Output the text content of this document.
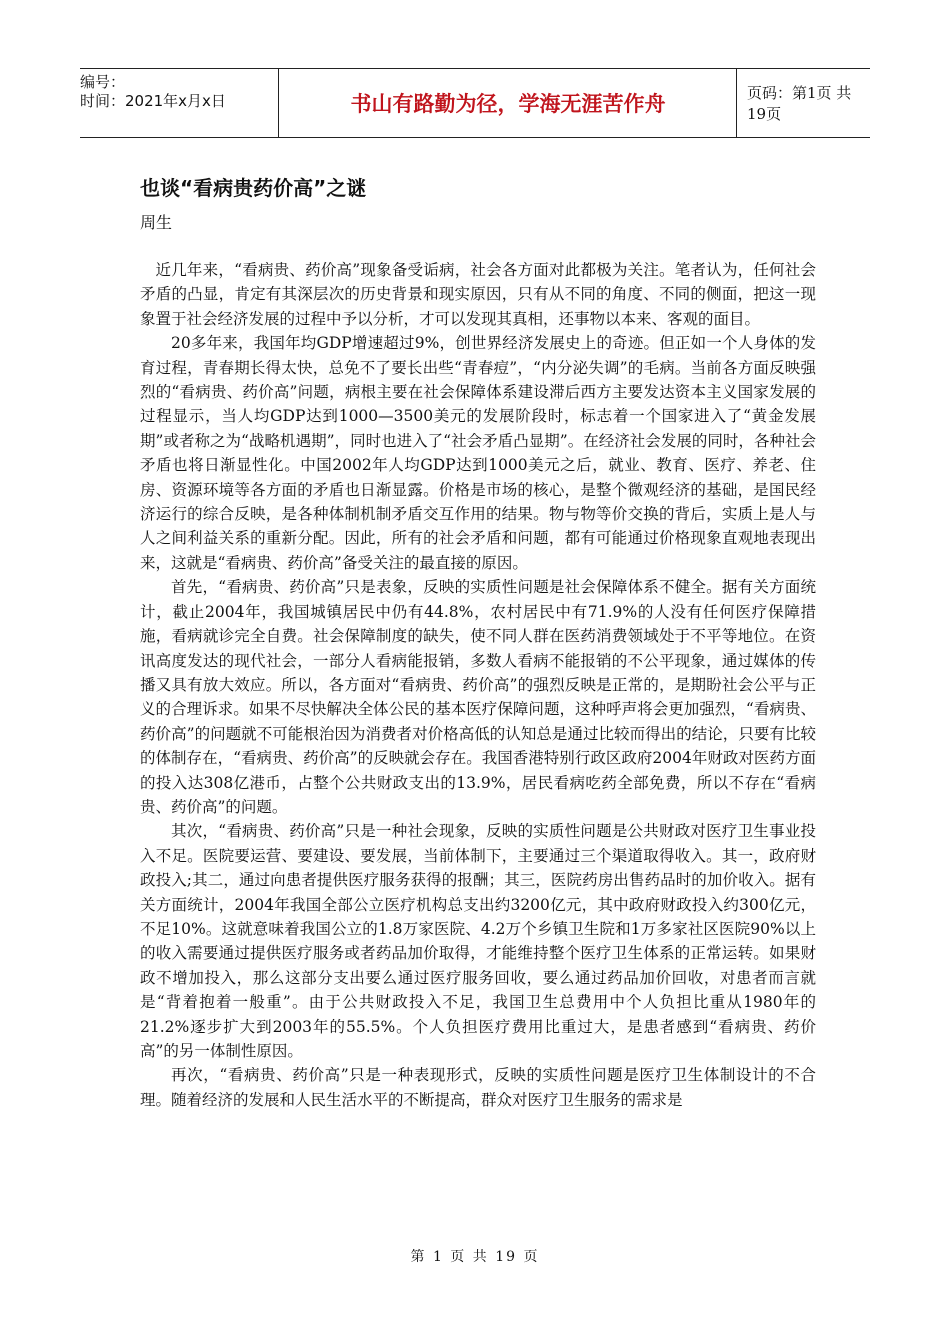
编号：
时间：2021年x月x日	书山有路勤为径，学海无涯苦作舟	页码：第1页 共19页
也谈“看病贵药价高”之谜
周生

近几年来，“看病贵、药价高”现象备受诟病，社会各方面对此都极为关注。笔者认为，任何社会矛盾的凸显，肯定有其深层次的历史背景和现实原因，只有从不同的角度、不同的侧面，把这一现象置于社会经济发展的过程中予以分析，才可以发现其真相，还事物以本来、客观的面目。

20多年来，我国年均GDP增速超过9%，创世界经济发展史上的奇迹。但正如一个人身体的发育过程，青春期长得太快，总免不了要长出些“青春痘”，“内分泌失调”的毛病。当前各方面反映强烈的“看病贵、药价高”问题，病根主要在社会保障体系建设滞后西方主要发达资本主义国家发展的过程显示，当人均GDP达到1000—3500美元的发展阶段时，标志着一个国家进入了“黄金发展期”或者称之为“战略机遇期”，同时也进入了“社会矛盾凸显期”。在经济社会发展的同时，各种社会矛盾也将日渐显性化。中国2002年人均GDP达到1000美元之后，就业、教育、医疗、养老、住房、资源环境等各方面的矛盾也日渐显露。价格是市场的核心，是整个微观经济的基础，是国民经济运行的综合反映，是各种体制机制矛盾交互作用的结果。物与物等价交换的背后，实质上是人与人之间利益关系的重新分配。因此，所有的社会矛盾和问题，都有可能通过价格现象直观地表现出来，这就是“看病贵、药价高”备受关注的最直接的原因。

首先，“看病贵、药价高”只是表象，反映的实质性问题是社会保障体系不健全。据有关方面统计，截止2004年，我国城镇居民中仍有44.8%，农村居民中有71.9%的人没有任何医疗保障措施，看病就诊完全自费。社会保障制度的缺失，使不同人群在医药消费领域处于不平等地位。在资讯高度发达的现代社会，一部分人看病能报销，多数人看病不能报销的不公平现象，通过媒体的传播又具有放大效应。所以，各方面对“看病贵、药价高”的强烈反映是正常的，是期盼社会公平与正义的合理诉求。如果不尽快解决全体公民的基本医疗保障问题，这种呼声将会更加强烈，“看病贵、药价高”的问题就不可能根治因为消费者对价格高低的认知总是通过比较而得出的结论，只要有比较的体制存在，“看病贵、药价高”的反映就会存在。我国香港特别行政区政府2004年财政对医药方面的投入达308亿港币，占整个公共财政支出的13.9%，居民看病吃药全部免费，所以不存在“看病贵、药价高”的问题。

其次，“看病贵、药价高”只是一种社会现象，反映的实质性问题是公共财政对医疗卫生事业投入不足。医院要运营、要建设、要发展，当前体制下，主要通过三个渠道取得收入。其一，政府财政投入;其二，通过向患者提供医疗服务获得的报酬；其三，医院药房出售药品时的加价收入。据有关方面统计，2004年我国全部公立医疗机构总支出约3200亿元，其中政府财政投入约300亿元，不足10%。这就意味着我国公立的1.8万家医院、4.2万个乡镇卫生院和1万多家社区医院90%以上的收入需要通过提供医疗服务或者药品加价取得，才能维持整个医疗卫生体系的正常运转。如果财政不增加投入，那么这部分支出要么通过医疗服务回收，要么通过药品加价回收，对患者而言就是“背着抱着一般重”。由于公共财政投入不足，我国卫生总费用中个人负担比重从1980年的21.2%逐步扩大到2003年的55.5%。个人负担医疗费用比重过大，是患者感到“看病贵、药价高”的另一体制性原因。

再次，“看病贵、药价高”只是一种表现形式，反映的实质性问题是医疗卫生体制设计的不合理。随着经济的发展和人民生活水平的不断提高，群众对医疗卫生服务的需求是

第 1 页 共 19 页
